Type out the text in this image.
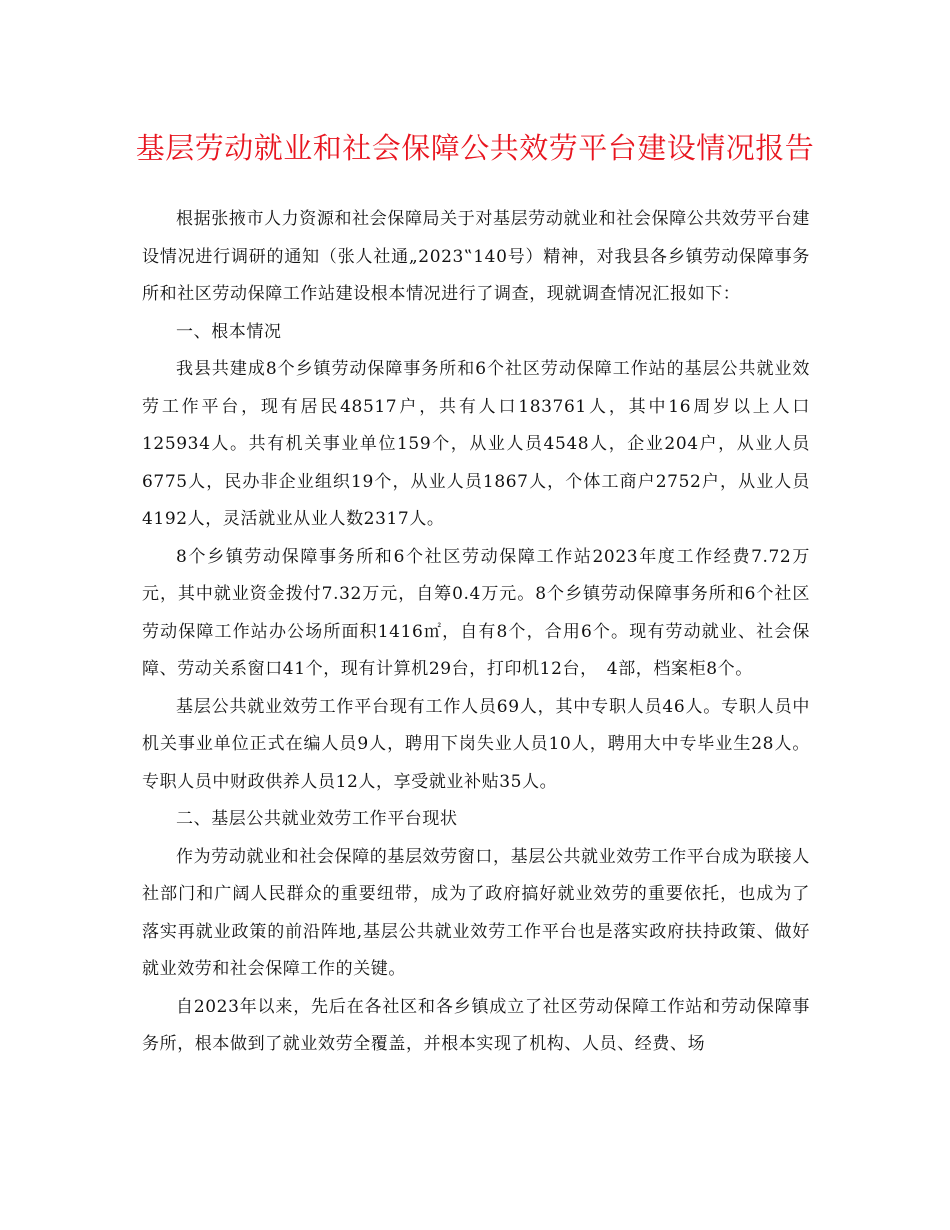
基层劳动就业和社会保障公共效劳平台建设情况报告

根据张掖市人力资源和社会保障局关于对基层劳动就业和社会保障公共效劳平台建设情况进行调研的通知（张人社通„2023‟140号）精神，对我县各乡镇劳动保障事务所和社区劳动保障工作站建设根本情况进行了调查，现就调查情况汇报如下：

一、根本情况

我县共建成8个乡镇劳动保障事务所和6个社区劳动保障工作站的基层公共就业效劳工作平台，现有居民48517户，共有人口183761人，其中16周岁以上人口125934人。共有机关事业单位159个，从业人员4548人，企业204户，从业人员6775人，民办非企业组织19个，从业人员1867人，个体工商户2752户，从业人员4192人，灵活就业从业人数2317人。

8个乡镇劳动保障事务所和6个社区劳动保障工作站2023年度工作经费7.72万元，其中就业资金拨付7.32万元，自筹0.4万元。8个乡镇劳动保障事务所和6个社区劳动保障工作站办公场所面积1416㎡，自有8个，合用6个。现有劳动就业、社会保障、劳动关系窗口41个，现有计算机29台，打印机12台，　4部，档案柜8个。

基层公共就业效劳工作平台现有工作人员69人，其中专职人员46人。专职人员中机关事业单位正式在编人员9人，聘用下岗失业人员10人，聘用大中专毕业生28人。专职人员中财政供养人员12人，享受就业补贴35人。

二、基层公共就业效劳工作平台现状

作为劳动就业和社会保障的基层效劳窗口，基层公共就业效劳工作平台成为联接人社部门和广阔人民群众的重要纽带，成为了政府搞好就业效劳的重要依托，也成为了落实再就业政策的前沿阵地,基层公共就业效劳工作平台也是落实政府扶持政策、做好就业效劳和社会保障工作的关键。

自2023年以来，先后在各社区和各乡镇成立了社区劳动保障工作站和劳动保障事务所，根本做到了就业效劳全覆盖，并根本实现了机构、人员、经费、场
